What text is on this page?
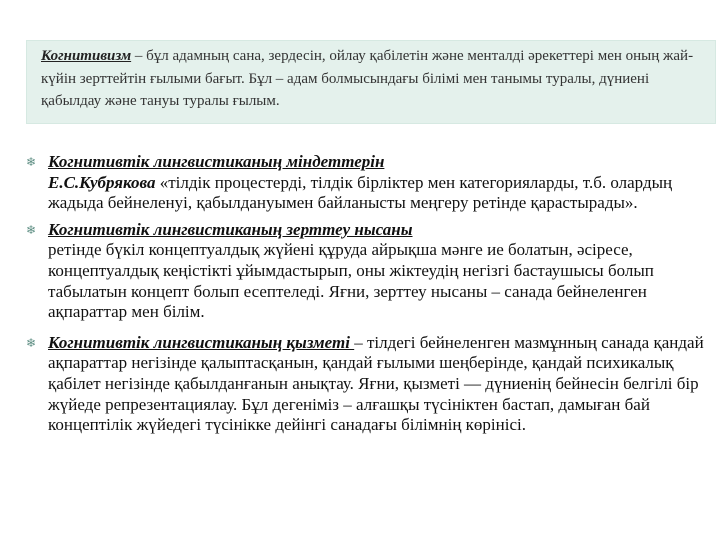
Когнитивизм – бұл адамның сана, зердесін, ойлау қабілетін және менталдi әрекеттері мен оның жай-күйін зерттейтін ғылыми бағыт. Бұл – адам болмысындағы білімі мен танымы туралы, дүниені қабылдау және тануы туралы ғылым.
❄ Когнитивтік лингвистиканың міндеттерін
Е.С.Кубрякова «тілдік процестерді, тілдік бірліктер мен категорияларды, т.б. олардың жадыда бейнеленуі, қабылдануымен байланысты меңгеру ретінде қарастырады».
❄ Когнитивтік лингвистиканың зерттеу нысаны
ретінде бүкіл концептуалдық жүйені құруда айрықша мәнге ие болатын, әсіресе, концептуалдық кеңістікті ұйымдастырып, оны жіктеудің негізгі бастаушысы болып табылатын концепт болып есептеледі. Яғни, зерттеу нысаны – санада бейнеленген ақпараттар мен білім.
❄ Когнитивтік лингвистиканың қызметі – тілдегі бейнеленген мазмұнның санада қандай ақпараттар негізінде қалыптасқанын, қандай ғылыми шеңберінде, қандай психикалық қабілет негізінде қабылданғанын анықтау. Яғни, қызметі — дүниенің бейнесін белгілі бір жүйеде репрезентациялау. Бұл дегеніміз – алғашқы түсініктен бастап, дамыған бай концептілік жүйедегі түсінікке дейінгі санадағы білімнің көрінісі.
